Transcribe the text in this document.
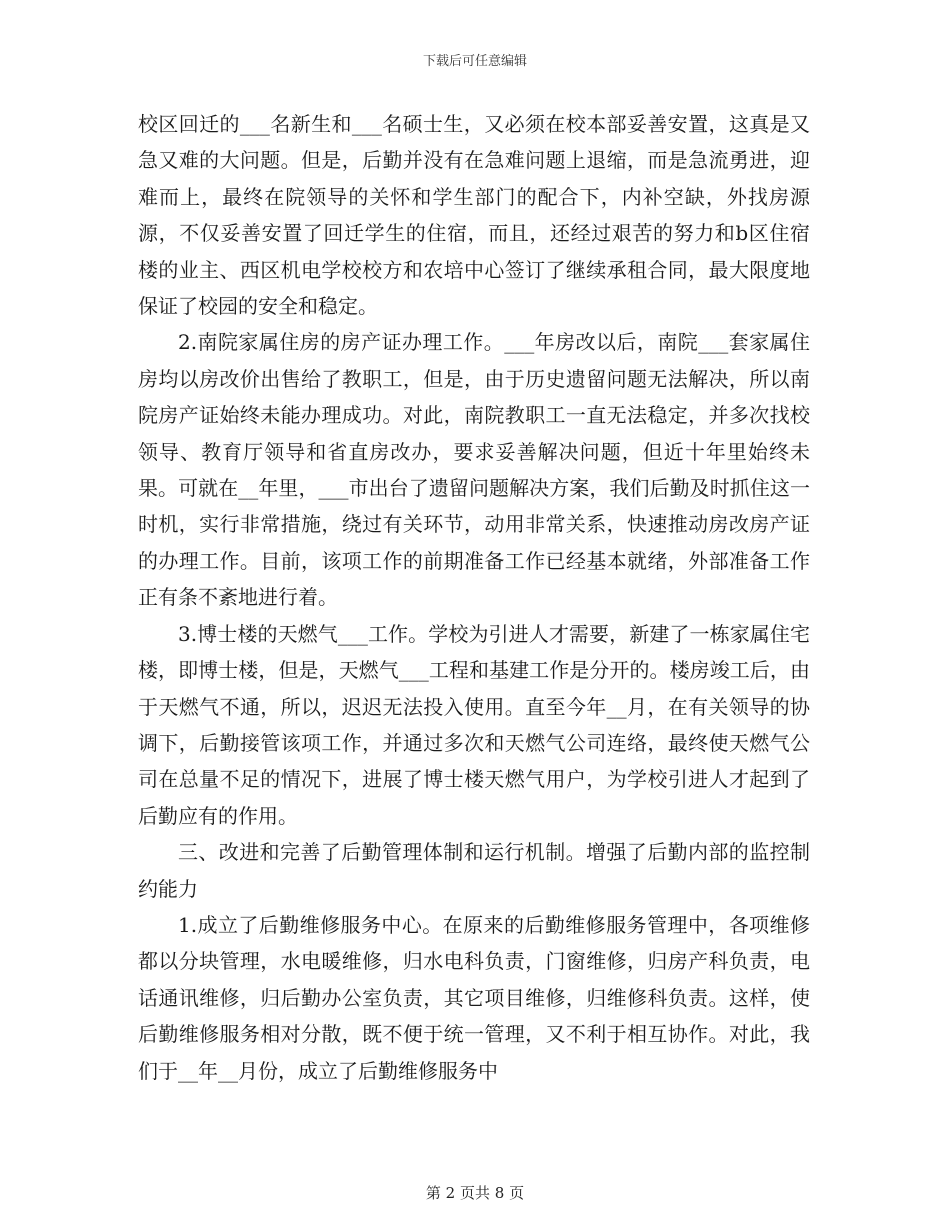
下载后可任意编辑

校区回迁的___名新生和___名硕士生，又必须在校本部妥善安置，这真是又急又难的大问题。但是，后勤并没有在急难问题上退缩，而是急流勇进，迎难而上，最终在院领导的关怀和学生部门的配合下，内补空缺，外找房源源，不仅妥善安置了回迁学生的住宿，而且，还经过艰苦的努力和b区住宿楼的业主、西区机电学校校方和农培中心签订了继续承租合同，最大限度地保证了校园的安全和稳定。

2.南院家属住房的房产证办理工作。___年房改以后，南院___套家属住房均以房改价出售给了教职工，但是，由于历史遗留问题无法解决，所以南院房产证始终未能办理成功。对此，南院教职工一直无法稳定，并多次找校领导、教育厅领导和省直房改办，要求妥善解决问题，但近十年里始终未果。可就在__年里，___市出台了遗留问题解决方案，我们后勤及时抓住这一时机，实行非常措施，绕过有关环节，动用非常关系，快速推动房改房产证的办理工作。目前，该项工作的前期准备工作已经基本就绪，外部准备工作正有条不紊地进行着。

3.博士楼的天燃气___工作。学校为引进人才需要，新建了一栋家属住宅楼，即博士楼，但是，天燃气___工程和基建工作是分开的。楼房竣工后，由于天燃气不通，所以，迟迟无法投入使用。直至今年__月，在有关领导的协调下，后勤接管该项工作，并通过多次和天燃气公司连络，最终使天燃气公司在总量不足的情况下，进展了博士楼天燃气用户，为学校引进人才起到了后勤应有的作用。

三、改进和完善了后勤管理体制和运行机制。增强了后勤内部的监控制约能力

1.成立了后勤维修服务中心。在原来的后勤维修服务管理中，各项维修都以分块管理，水电暖维修，归水电科负责，门窗维修，归房产科负责，电话通讯维修，归后勤办公室负责，其它项目维修，归维修科负责。这样，使后勤维修服务相对分散，既不便于统一管理，又不利于相互协作。对此，我们于__年__月份，成立了后勤维修服务中

第 2 页共 8 页
